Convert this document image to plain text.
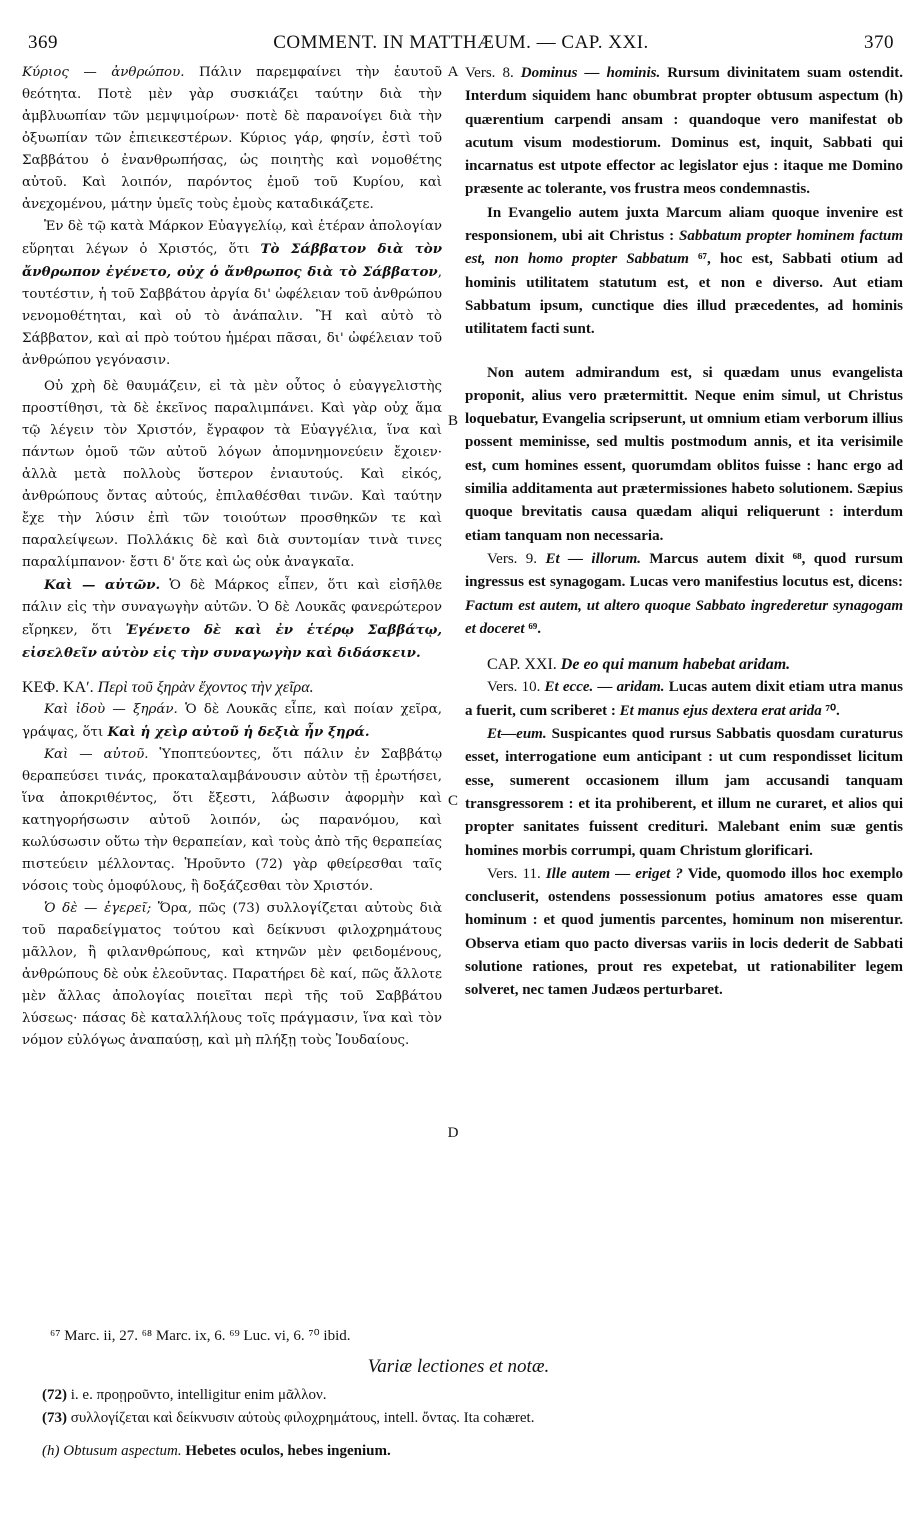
369	COMMENT. IN MATTHÆUM. — CAP. XXI.	370
A
B
C
D

Κύριος — ἀνθρώπου. Πάλιν παρεμφαίνει τὴν ἑαυτοῦ θεότητα. Ποτὲ μὲν γὰρ συσκιάζει ταύτην διὰ τὴν ἀμβλυωπίαν τῶν μεμψιμοίρων· ποτὲ δὲ παρανοίγει διὰ τὴν ὀξυωπίαν τῶν ἐπιεικεστέρων. Κύριος γάρ, φησίν, ἐστὶ τοῦ Σαββάτου ὁ ἐνανθρωπήσας, ὡς ποιητὴς καὶ νομοθέτης αὐτοῦ. Καὶ λοιπόν, παρόντος ἐμοῦ τοῦ Κυρίου, καὶ ἀνεχομένου, μάτην ὑμεῖς τοὺς ἐμοὺς καταδικάζετε.

Ἐν δὲ τῷ κατὰ Μάρκον Εὐαγγελίῳ, καὶ ἑτέραν ἀπολογίαν εὕρηται λέγων ὁ Χριστός, ὅτι Τὸ Σάββατον διὰ τὸν ἄνθρωπον ἐγένετο, οὐχ ὁ ἄνθρωπος διὰ τὸ Σάββατον, τουτέστιν, ἡ τοῦ Σαββάτου ἀργία δι' ὠφέλειαν τοῦ ἀνθρώπου νενομοθέτηται, καὶ οὐ τὸ ἀνάπαλιν. Ἢ καὶ αὐτὸ τὸ Σάββατον, καὶ αἱ πρὸ τούτου ἡμέραι πᾶσαι, δι' ὠφέλειαν τοῦ ἀνθρώπου γεγόνασιν.

Οὐ χρὴ δὲ θαυμάζειν, εἰ τὰ μὲν οὗτος ὁ εὐαγγελιστὴς προστίθησι, τὰ δὲ ἐκεῖνος παραλιμπάνει. Καὶ γὰρ οὐχ ἅμα τῷ λέγειν τὸν Χριστόν, ἔγραφον τὰ Εὐαγγέλια, ἵνα καὶ πάντων ὁμοῦ τῶν αὐτοῦ λόγων ἀπομνημονεύειν ἔχοιεν· ἀλλὰ μετὰ πολλοὺς ὕστερον ἐνιαυτούς. Καὶ εἰκός, ἀνθρώπους ὄντας αὐτούς, ἐπιλαθέσθαι τινῶν. Καὶ ταύτην ἔχε τὴν λύσιν ἐπὶ τῶν τοιούτων προσθηκῶν τε καὶ παραλείψεων. Πολλάκις δὲ καὶ διὰ συντομίαν τινὰ τινες παραλίμπανον· ἔστι δ' ὅτε καὶ ὡς οὐκ ἀναγκαῖα.

Καὶ — αὐτῶν. Ὁ δὲ Μάρκος εἶπεν, ὅτι καὶ εἰσῆλθε πάλιν εἰς τὴν συναγωγὴν αὐτῶν. Ὁ δὲ Λουκᾶς φανερώτερον εἴρηκεν, ὅτι Ἐγένετο δὲ καὶ ἐν ἑτέρῳ Σαββάτῳ, εἰσελθεῖν αὐτὸν εἰς τὴν συναγωγὴν καὶ διδάσκειν.

ΚΕΦ. ΚΑʹ. Περὶ τοῦ ξηρὰν ἔχοντος τὴν χεῖρα.

Καὶ ἰδοὺ — ξηράν. Ὁ δὲ Λουκᾶς εἶπε, καὶ ποίαν χεῖρα, γράψας, ὅτι Καὶ ἡ χεὶρ αὐτοῦ ἡ δεξιὰ ἦν ξηρά.

Καὶ — αὐτοῦ. Ὑποπτεύοντες, ὅτι πάλιν ἐν Σαββάτῳ θεραπεύσει τινάς, προκαταλαμβάνουσιν αὐτὸν τῇ ἐρωτήσει, ἵνα ἀποκριθέντος, ὅτι ἔξεστι, λάβωσιν ἀφορμὴν καὶ κατηγορήσωσιν αὐτοῦ λοιπόν, ὡς παρανόμου, καὶ κωλύσωσιν οὕτω τὴν θεραπείαν, καὶ τοὺς ἀπὸ τῆς θεραπείας πιστεύειν μέλλοντας. Ἡροῦντο (72) γὰρ φθείρεσθαι ταῖς νόσοις τοὺς ὁμοφύλους, ἢ δοξάζεσθαι τὸν Χριστόν.

Ὁ δὲ — ἐγερεῖ; Ὅρα, πῶς (73) συλλογίζεται αὐτοὺς διὰ τοῦ παραδείγματος τούτου καὶ δείκνυσι φιλοχρημάτους μᾶλλον, ἢ φιλανθρώπους, καὶ κτηνῶν μὲν φειδομένους, ἀνθρώπους δὲ οὐκ ἐλεοῦντας. Παρατήρει δὲ καί, πῶς ἄλλοτε μὲν ἄλλας ἀπολογίας ποιεῖται περὶ τῆς τοῦ Σαββάτου λύσεως· πάσας δὲ καταλλήλους τοῖς πράγμασιν, ἵνα καὶ τὸν νόμον εὐλόγως ἀναπαύσῃ, καὶ μὴ πλήξῃ τοὺς Ἰουδαίους.

Vers. 8. Dominus — hominis. Rursum divinitatem suam ostendit. Interdum siquidem hanc obumbrat propter obtusum aspectum (h) quærentium carpendi ansam : quandoque vero manifestat ob acutum visum modestiorum. Dominus est, inquit, Sabbati qui incarnatus est utpote effector ac legislator ejus : itaque me Domino præsente ac tolerante, vos frustra meos condemnastis.

In Evangelio autem juxta Marcum aliam quoque invenire est responsionem, ubi ait Christus : Sabbatum propter hominem factum est, non homo propter Sabbatum ⁶⁷, hoc est, Sabbati otium ad hominis utilitatem statutum est, et non e diverso. Aut etiam Sabbatum ipsum, cunctique dies illud præcedentes, ad hominis utilitatem facti sunt.

Non autem admirandum est, si quædam unus evangelista proponit, alius vero prætermittit. Neque enim simul, ut Christus loquebatur, Evangelia scripserunt, ut omnium etiam verborum illius possent meminisse, sed multis postmodum annis, et ita verisimile est, cum homines essent, quorumdam oblitos fuisse : hanc ergo ad similia additamenta aut prætermissiones habeto solutionem. Sæpius quoque brevitatis causa quædam aliqui reliquerunt : interdum etiam tanquam non necessaria.

Vers. 9. Et — illorum. Marcus autem dixit ⁶⁸, quod rursum ingressus est synagogam. Lucas vero manifestius locutus est, dicens: Factum est autem, ut altero quoque Sabbato ingrederetur synagogam et doceret ⁶⁹.

CAP. XXI. De eo qui manum habebat aridam.

Vers. 10. Et ecce. — aridam. Lucas autem dixit etiam utra manus a fuerit, cum scriberet : Et manus ejus dextera erat arida ⁷⁰.

Et—eum. Suspicantes quod rursus Sabbatis quosdam curaturus esset, interrogatione eum anticipant : ut cum respondisset licitum esse, sumerent occasionem illum jam accusandi tanquam transgressorem : et ita prohiberent, et illum ne curaret, et alios qui propter sanitates fuissent credituri. Malebant enim suæ gentis homines morbis corrumpi, quam Christum glorificari.

Vers. 11. Ille autem — eriget ? Vide, quomodo illos hoc exemplo concluserit, ostendens possessionum potius amatores esse quam hominum : et quod jumentis parcentes, hominum non miserentur. Observa etiam quo pacto diversas variis in locis dederit de Sabbati solutione rationes, prout res expetebat, ut rationabiliter legem solveret, nec tamen Judæos perturbaret.

⁶⁷ Marc. ii, 27. ⁶⁸ Marc. ix, 6. ⁶⁹ Luc. vi, 6. ⁷⁰ ibid.
Variæ lectiones et notæ.

(72) i. e. προῃροῦντο, intelligitur enim μᾶλλον.

(73) συλλογίζεται καὶ δείκνυσιν αὐτοὺς φιλοχρημάτους, intell. ὄντας. Ita cohæret.

(h) Obtusum aspectum. Hebetes oculos, hebes ingenium.
